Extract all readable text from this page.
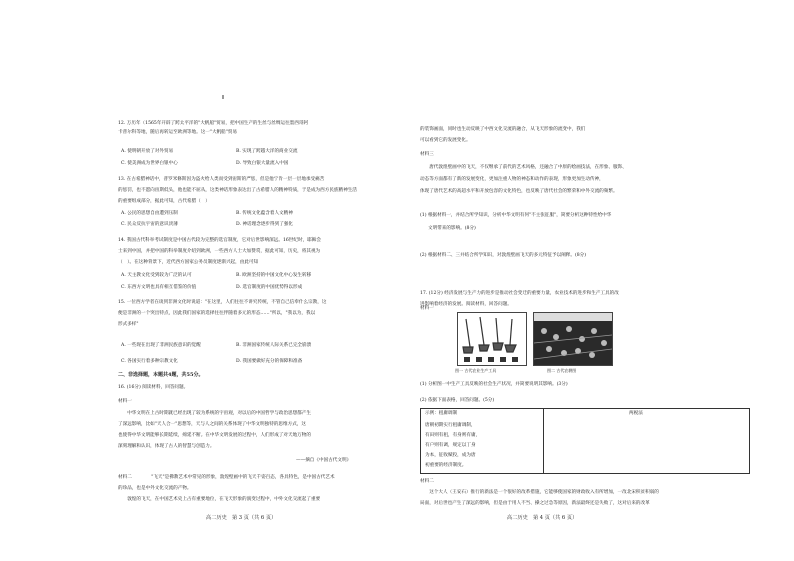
12. 万历年（1565年开辟了跨太平洋的"大帆船"贸易，把中国生产的生丝与丝绸运往墨西哥阿
卡普尔科等地，随后再转运至欧洲等地。这一"大帆船"贸易
A. 使明朝开放了对外贸易	B. 实现了跨越大洋的商业交流
C. 使美洲成为世界白银中心	D. 导致白银大量流入中国
13. 在古希腊神话中，普罗米修斯因为盗火给人类而受到宙斯的严惩，但是他宁肯一层一层地承受痛苦
的惩罚，也不愿向宙斯低头，他也能不屈从，这类神话形象表达出了古希腊人的精神特质，于是成为西方民族精神生活
的重要组成部分，据此可知，古代希腊（　）
A. 公民的思想自由遭到压制	B. 传统文化蕴含着人文精神
C. 民众反抗宇宙的意识淡薄	D. 神话理念逐步得到了强化
14. 我国古代科举考试制度是中国古代较为完整的选官制度，它对后世影响深远。16世纪时，耶稣会
士来到中国，并把中国的科举制度介绍到欧洲，一些西方人士大加赞赏，据此可知，历史，将其视为
（　）。在这种背景下，近代西方国家公务员制度逐渐兴起，由此可知
A. 天主教文化受到较为广泛的认可	B. 欧洲坚持的中国文化中心发生转移
C. 东西方文明也具有相互借鉴的价值	D. 选官制度的中国优势得以形成
15. 一位西方学者在谈到非洲文化时说道："在这里，人们往往不讲究传统，不管自己信奉什么宗教，这
便是非洲的一个突出特点，因此我们国家的选择往往伴随着多元的形态……"所以，"我以为，我以
形式多样"
A. 一些现在出现了非洲民族意识的觉醒	B. 非洲国家传统人际关系已完全崩溃
C. 各国实行着多种宗教文化	D. 我国要做好充分的保障和准备
二、非选择题，本题共4题，共55分。
16. (16分) 阅读材料，回答问题。
材料一
　　中华文明在上古时期就已经出现了较为系统的宇宙观，对以后的中国哲学与政治思想都产生
了深远影响，比如"天人合一"思想等，天与人之间的关系体现了中华文明独特的思维方式，这
也使得中华文明能够长期延续，绵延不断。在中华文明发展的过程中，人们形成了对天地万物的
深刻理解和认识，体现了古人的智慧与创造力。
——摘自《中国古代文明》
材料二 　　"飞天"是佛教艺术中常见的形象，敦煌壁画中的飞天千姿百态，各具特色，是中国古代艺术
的珍品，也是中外文化交流的产物。
　　敦煌的飞天，在中国艺术史上占有重要地位，在飞天形象的演变过程中，中外文化交流起了重要
高二历史　第 3 页（共 6 页）
的装饰画面，同时也生动反映了中西文化交流的融合，从飞天形象的流变中，我们
可以看到它的发展变化。
材料三
　　唐代敦煌壁画中的飞天，不仅继承了前代的艺术风格，还融合了中原的绘画技法，在形象、服饰、
动态等方面都有了新的发展变化，更加注重人物的神态和动作的表现，形象更加生动传神，
体现了唐代艺术的高超水平和开放包容的文化特色，也反映了唐代社会的繁荣和中外交流的频繁。
(1) 根据材料一，并结合所学知识，分析中华文明有何"不主张征服"，简要分析这种特性给中华
文明带来的影响。(8分)
(2) 根据材料二、三并结合所学知识，对敦煌壁画飞天的多元特征予以阐释。(8分)
17. (12分) 经济发展与生产力的进步是推动社会变迁的重要力量，农业技术的进步和生产工具的改
进影响着经济的发展。阅读材料，回答问题。
材料一
图一 古代农业生产工具	图二 古代农耕图
(1) 分析图一中生产工具反映的社会生产状况，并简要说明其影响。(3分)
(2) 依据下面表格，回答问题。(5分)
示例：租庸调制	两税法
唐朝初期实行租庸调制，
有田则有租，有身则有庸，
有户则有调，规定以丁身
为本，征收赋役，成为唐
初重要的经济制度。
材料二
　　这个大人（王安石）推行的新法是一个很好的改革措施，它能够使国家的财政收入有所增加，一改北宋积贫积弱的
局面，对后世也产生了深远的影响，但是由于用人不当、操之过急等原因，新法最终还是失败了，这对后来的改革
高二历史　第 4 页（共 6 页）
